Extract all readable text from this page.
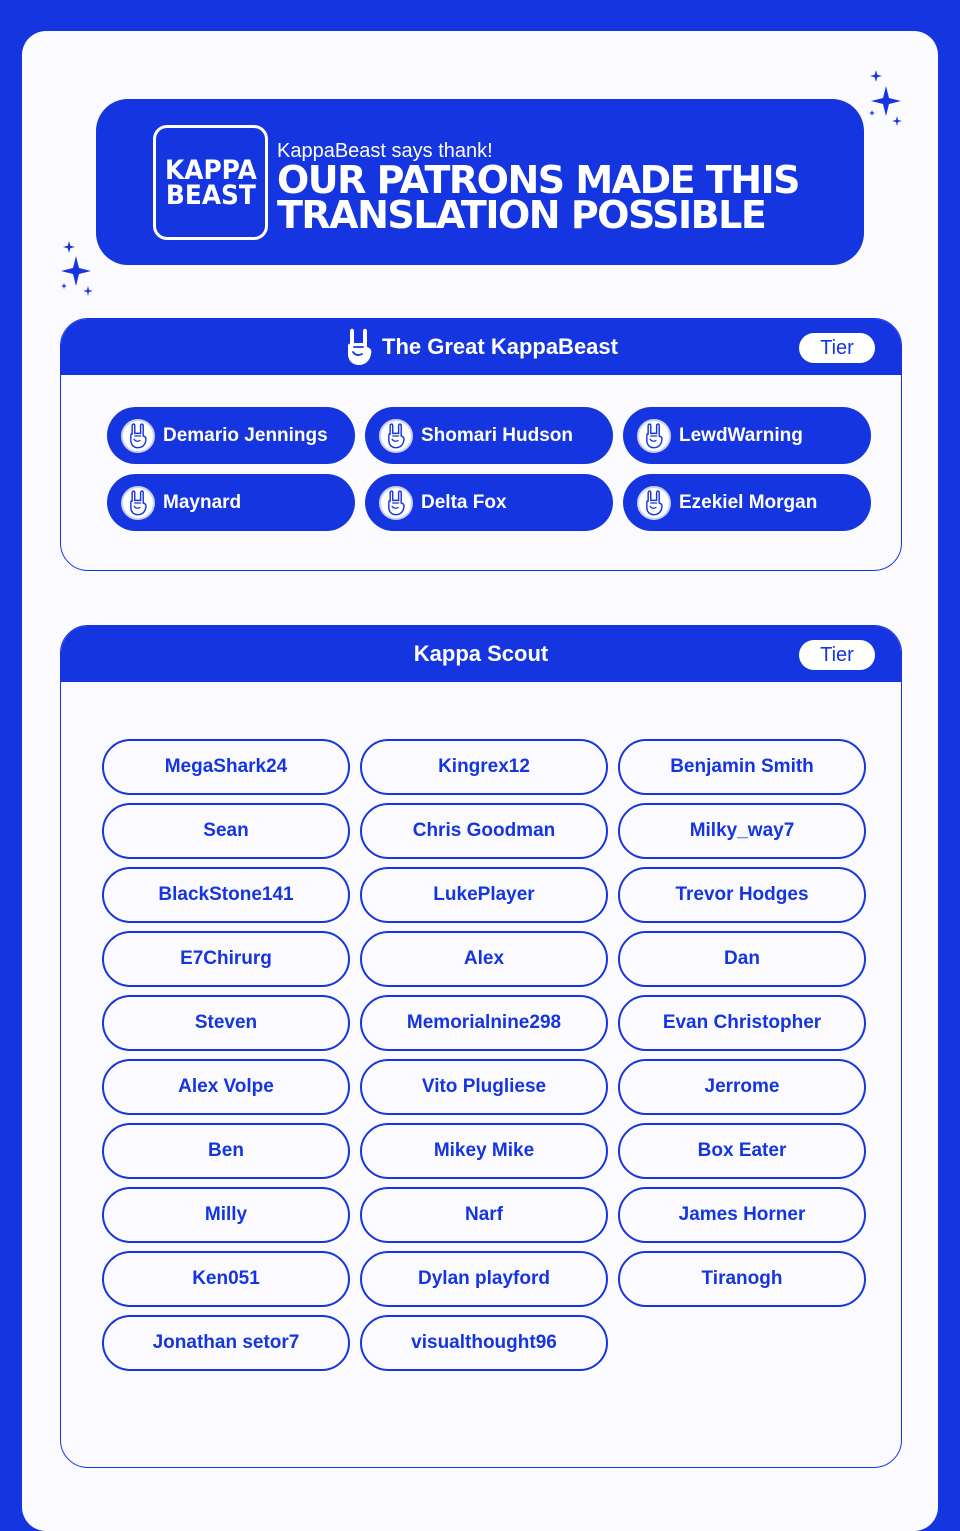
KAPPA
BEAST
KappaBeast says thank!
OUR PATRONS MADE THIS
TRANSLATION POSSIBLE
The Great KappaBeast	Tier
Demario Jennings	Shomari Hudson	LewdWarning
Maynard	Delta Fox	Ezekiel Morgan
Kappa Scout	Tier
MegaShark24	Kingrex12	Benjamin Smith
Sean	Chris Goodman	Milky_way7
BlackStone141	LukePlayer	Trevor Hodges
E7Chirurg	Alex	Dan
Steven	Memorialnine298	Evan Christopher
Alex Volpe	Vito Plugliese	Jerrome
Ben	Mikey Mike	Box Eater
Milly	Narf	James Horner
Ken051	Dylan playford	Tiranogh
Jonathan setor7	visualthought96
